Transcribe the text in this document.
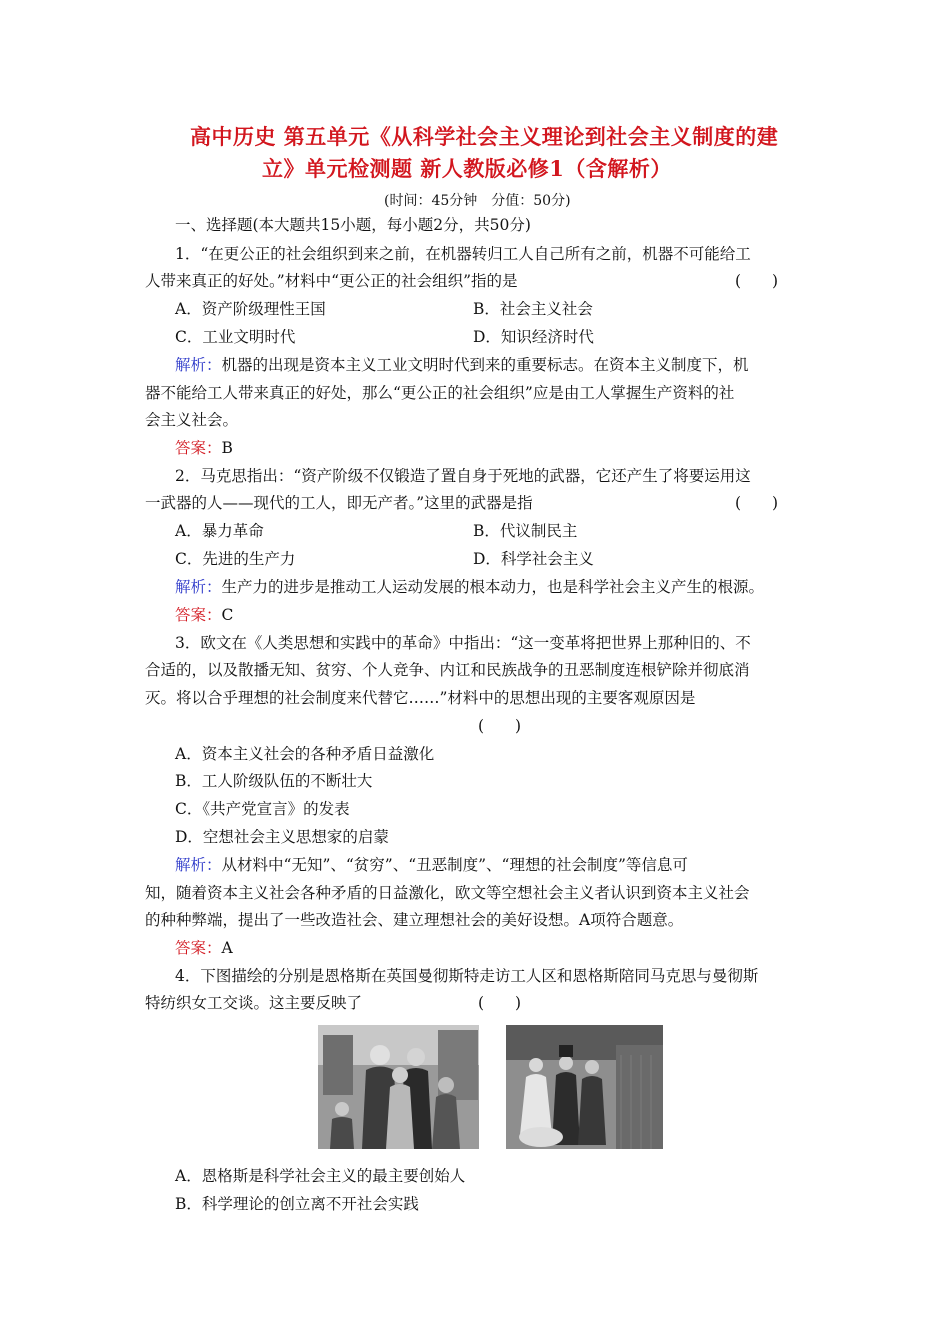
高中历史 第五单元《从科学社会主义理论到社会主义制度的建
立》单元检测题 新人教版必修1（含解析）
(时间：45分钟　分值：50分)
一、选择题(本大题共15小题，每小题2分，共50分)
1．“在更公正的社会组织到来之前，在机器转归工人自己所有之前，机器不可能给工
人带来真正的好处。”材料中“更公正的社会组织”指的是	(　　)
A．资产阶级理性王国	B．社会主义社会
C．工业文明时代	D．知识经济时代
解析：机器的出现是资本主义工业文明时代到来的重要标志。在资本主义制度下，机
器不能给工人带来真正的好处，那么“更公正的社会组织”应是由工人掌握生产资料的社
会主义社会。
答案：B
2．马克思指出：“资产阶级不仅锻造了置自身于死地的武器，它还产生了将要运用这
一武器的人——现代的工人，即无产者。”这里的武器是指	(　　)
A．暴力革命	B．代议制民主
C．先进的生产力	D．科学社会主义
解析：生产力的进步是推动工人运动发展的根本动力，也是科学社会主义产生的根源。
答案：C
3．欧文在《人类思想和实践中的革命》中指出：“这一变革将把世界上那种旧的、不
合适的，以及散播无知、贫穷、个人竞争、内讧和民族战争的丑恶制度连根铲除并彻底消
灭。将以合乎理想的社会制度来代替它……”材料中的思想出现的主要客观原因是
(　　)
A．资本主义社会的各种矛盾日益激化
B．工人阶级队伍的不断壮大
C．《共产党宣言》的发表
D．空想社会主义思想家的启蒙
解析：从材料中“无知”、“贫穷”、“丑恶制度”、“理想的社会制度”等信息可
知，随着资本主义社会各种矛盾的日益激化，欧文等空想社会主义者认识到资本主义社会
的种种弊端，提出了一些改造社会、建立理想社会的美好设想。A项符合题意。
答案：A
4．下图描绘的分别是恩格斯在英国曼彻斯特走访工人区和恩格斯陪同马克思与曼彻斯
特纺织女工交谈。这主要反映了	(　　)
A．恩格斯是科学社会主义的最主要创始人
B．科学理论的创立离不开社会实践
